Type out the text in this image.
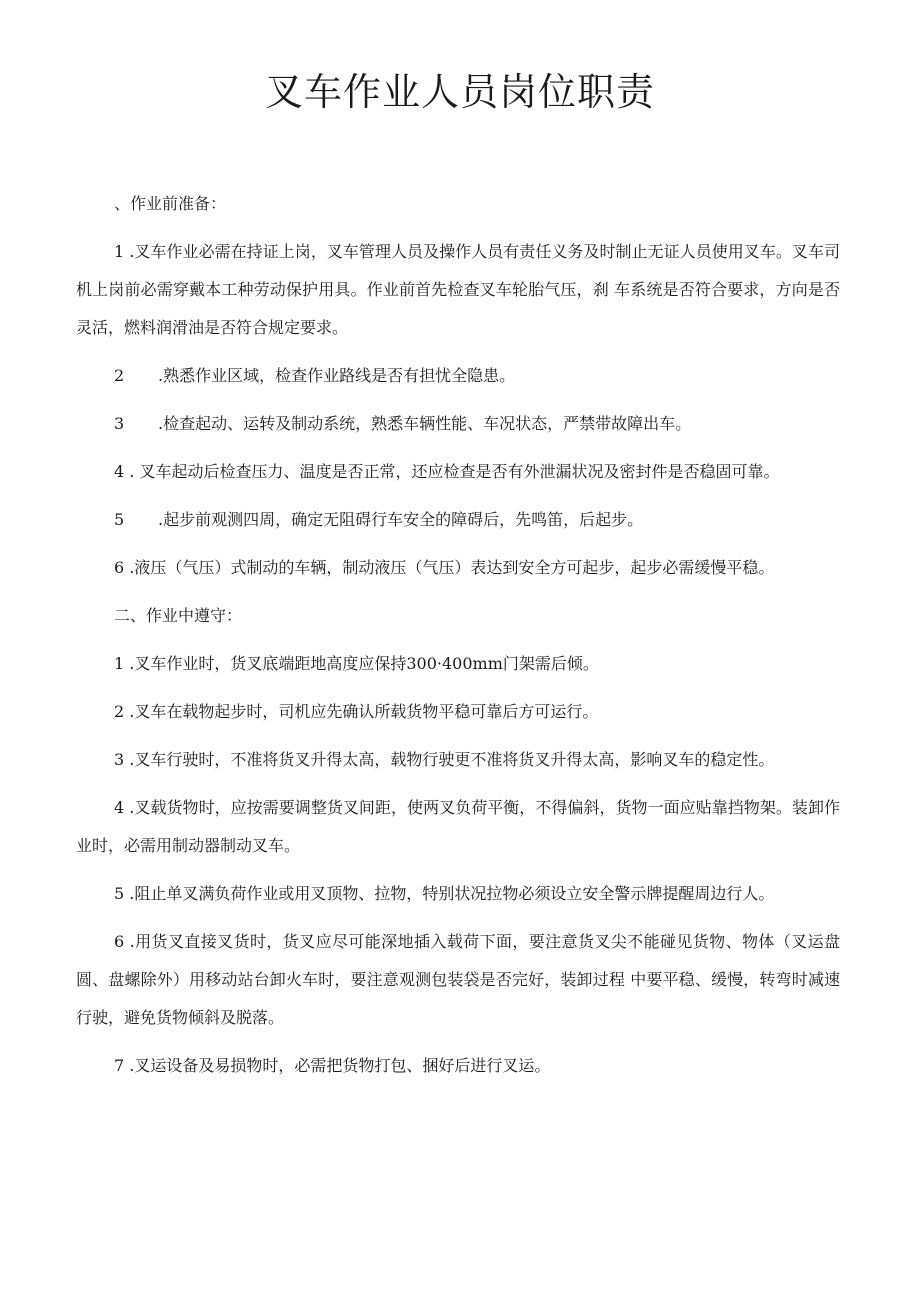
叉车作业人员岗位职责

、作业前准备：

1 .叉车作业必需在持证上岗，叉车管理人员及操作人员有责任义务及时制止无证人员使用叉车。叉车司机上岗前必需穿戴本工种劳动保护用具。作业前首先检查叉车轮胎气压，刹 车系统是否符合要求，方向是否灵活，燃料润滑油是否符合规定要求。

2 .熟悉作业区域，检查作业路线是否有担忧全隐患。

3 .检查起动、运转及制动系统，熟悉车辆性能、车况状态，严禁带故障出车。

4 . 叉车起动后检查压力、温度是否正常，还应检查是否有外泄漏状况及密封件是否稳固可靠。

5 .起步前观测四周，确定无阻碍行车安全的障碍后，先鸣笛，后起步。

6 .液压（气压）式制动的车辆，制动液压（气压）表达到安全方可起步，起步必需缓慢平稳。

二、作业中遵守：

1 .叉车作业时，货叉底端距地高度应保持300·400mm门架需后倾。

2 .叉车在载物起步时，司机应先确认所载货物平稳可靠后方可运行。

3 .叉车行驶时，不准将货叉升得太高，载物行驶更不准将货叉升得太高，影响叉车的稳定性。

4 .叉载货物时，应按需要调整货叉间距，使两叉负荷平衡，不得偏斜，货物一面应贴靠挡物架。装卸作业时，必需用制动器制动叉车。

5 .阻止单叉满负荷作业或用叉顶物、拉物，特别状况拉物必须设立安全警示牌提醒周边行人。

6 .用货叉直接叉货时，货叉应尽可能深地插入载荷下面，要注意货叉尖不能碰见货物、物体（叉运盘圆、盘螺除外）用移动站台卸火车时，要注意观测包装袋是否完好，装卸过程 中要平稳、缓慢，转弯时减速行驶，避免货物倾斜及脱落。

7 .叉运设备及易损物时，必需把货物打包、捆好后进行叉运。
